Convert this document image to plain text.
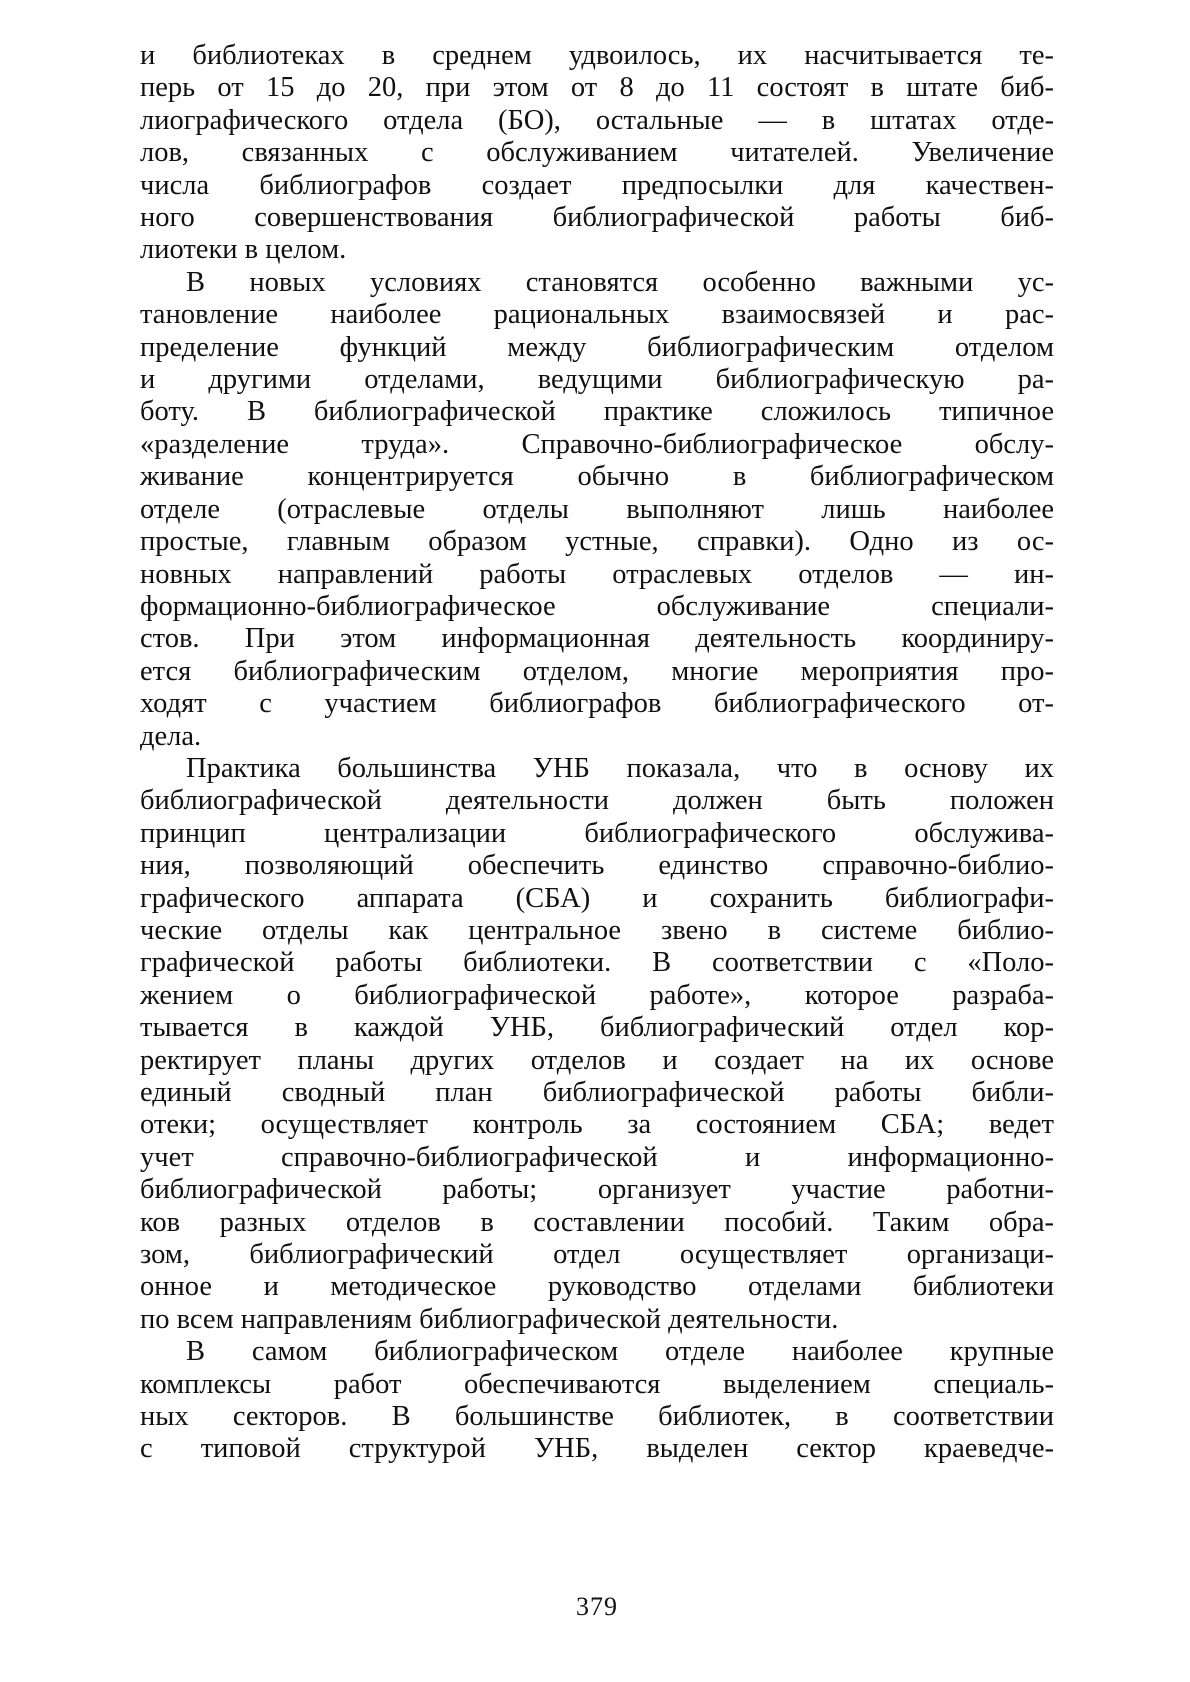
и библиотеках в среднем удвоилось, их насчитывается те-
перь от 15 до 20, при этом от 8 до 11 состоят в штате биб-
лиографического отдела (БО), остальные — в штатах отде-
лов, связанных с обслуживанием читателей. Увеличение
числа библиографов создает предпосылки для качествен-
ного совершенствования библиографической работы биб-
лиотеки в целом.
В новых условиях становятся особенно важными ус-
тановление наиболее рациональных взаимосвязей и рас-
пределение функций между библиографическим отделом
и другими отделами, ведущими библиографическую ра-
боту. В библиографической практике сложилось типичное
«разделение труда». Справочно-библиографическое обслу-
живание концентрируется обычно в библиографическом
отделе (отраслевые отделы выполняют лишь наиболее
простые, главным образом устные, справки). Одно из ос-
новных направлений работы отраслевых отделов — ин-
формационно-библиографическое обслуживание специали-
стов. При этом информационная деятельность координиру-
ется библиографическим отделом, многие мероприятия про-
ходят с участием библиографов библиографического от-
дела.
Практика большинства УНБ показала, что в основу их
библиографической деятельности должен быть положен
принцип централизации библиографического обслужива-
ния, позволяющий обеспечить единство справочно-библио-
графического аппарата (СБА) и сохранить библиографи-
ческие отделы как центральное звено в системе библио-
графической работы библиотеки. В соответствии с «Поло-
жением о библиографической работе», которое разраба-
тывается в каждой УНБ, библиографический отдел кор-
ректирует планы других отделов и создает на их основе
единый сводный план библиографической работы библи-
отеки; осуществляет контроль за состоянием СБА; ведет
учет справочно-библиографической и информационно-
библиографической работы; организует участие работни-
ков разных отделов в составлении пособий. Таким обра-
зом, библиографический отдел осуществляет организаци-
онное и методическое руководство отделами библиотеки
по всем направлениям библиографической деятельности.
В самом библиографическом отделе наиболее крупные
комплексы работ обеспечиваются выделением специаль-
ных секторов. В большинстве библиотек, в соответствии
с типовой структурой УНБ, выделен сектор краеведче-
379
